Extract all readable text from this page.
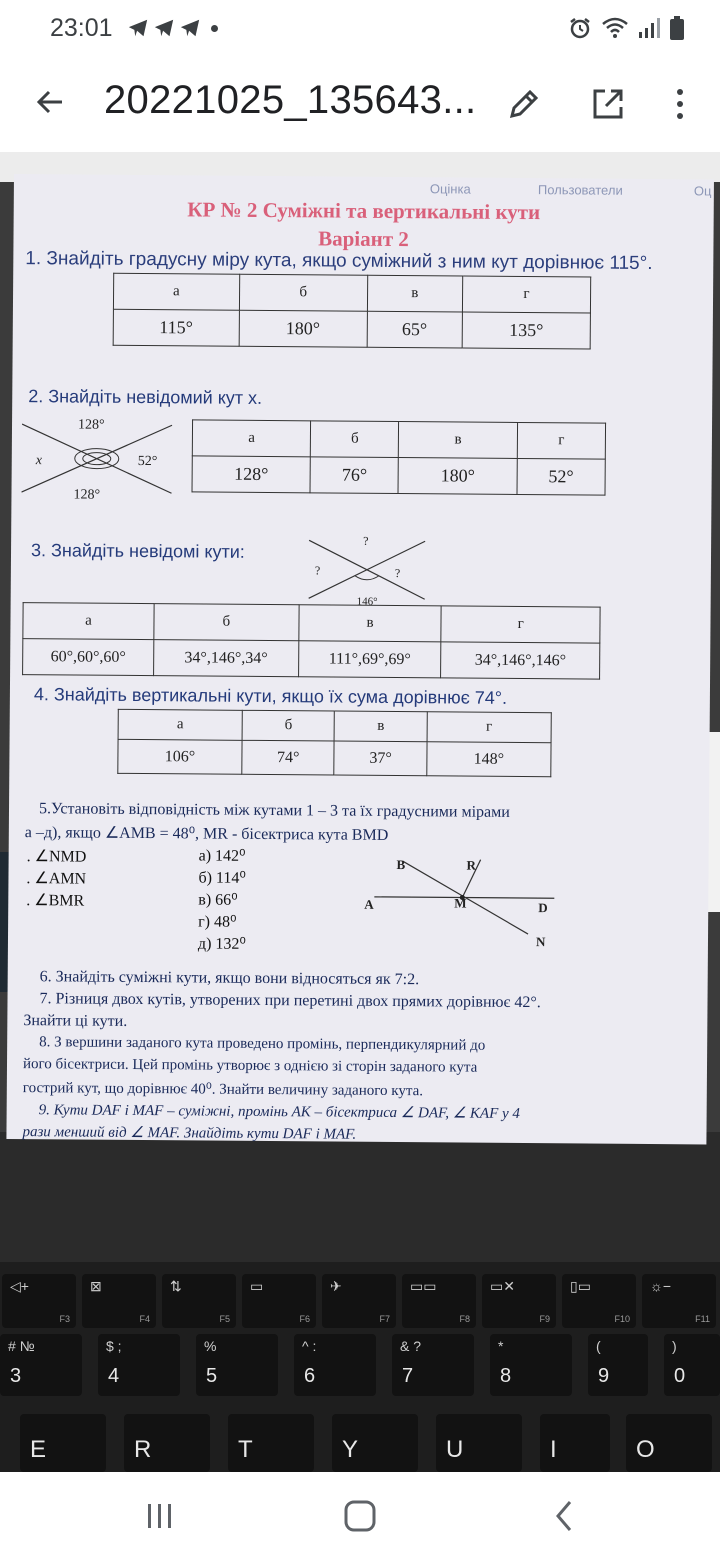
23:01
20221025_135643...
Оцінка	Пользователи	Оц
КР № 2 Суміжні та вертикальні кути
Варіант 2
1. Знайдіть градусну міру кута, якщо суміжний з ним кут дорівнює 115°.
а	б	в	г
115°	180°	65°	135°
2. Знайдіть невідомий кут x.
128°
x	52°
128°
а	б	в	г
128°	76°	180°	52°
3. Знайдіть невідомі кути:	?
?	?
146°
а	б	в	г
60°,60°,60°	34°,146°,34°	111°,69°,69°	34°,146°,146°
4. Знайдіть вертикальні кути, якщо їх сума дорівнює 74°.
а	б	в	г
106°	74°	37°	148°
5.Установіть відповідність між кутами 1 – 3 та їх градусними мірами
а –д), якщо ∠AMB = 48⁰, MR - бісектриса кута BMD
. ∠NMD
. ∠AMN
. ∠BMR
а) 142⁰
б) 114⁰
в) 66⁰
г) 48⁰
д) 132⁰
B	R
A	M	D
N
6. Знайдіть суміжні кути, якщо вони відносяться як 7:2.
7. Різниця двох кутів, утворених при перетині двох прямих дорівнює 42°.
Знайти ці кути.
8. З вершини заданого кута проведено промінь, перпендикулярний до
його бісектриси. Цей промінь утворює з однією зі сторін заданого кута
гострий кут, що дорівнює 40⁰. Знайти величину заданого кута.
9. Кути DAF і MAF – суміжні, промінь AK – бісектриса ∠ DAF, ∠ KAF у 4
рази менший від ∠ MAF. Знайдіть кути DAF і MAF.
◁+
F3
⊠
F4
⇅
F5
▭
F6
✈
F7
▭▭
F8
▭✕
F9
▯▭
F10
☼−
F11
# №
3
$ ;
4
%
5
^ :
6
& ?
7
*
8
(
9
)
0
E	R	T	Y	U	I	O
